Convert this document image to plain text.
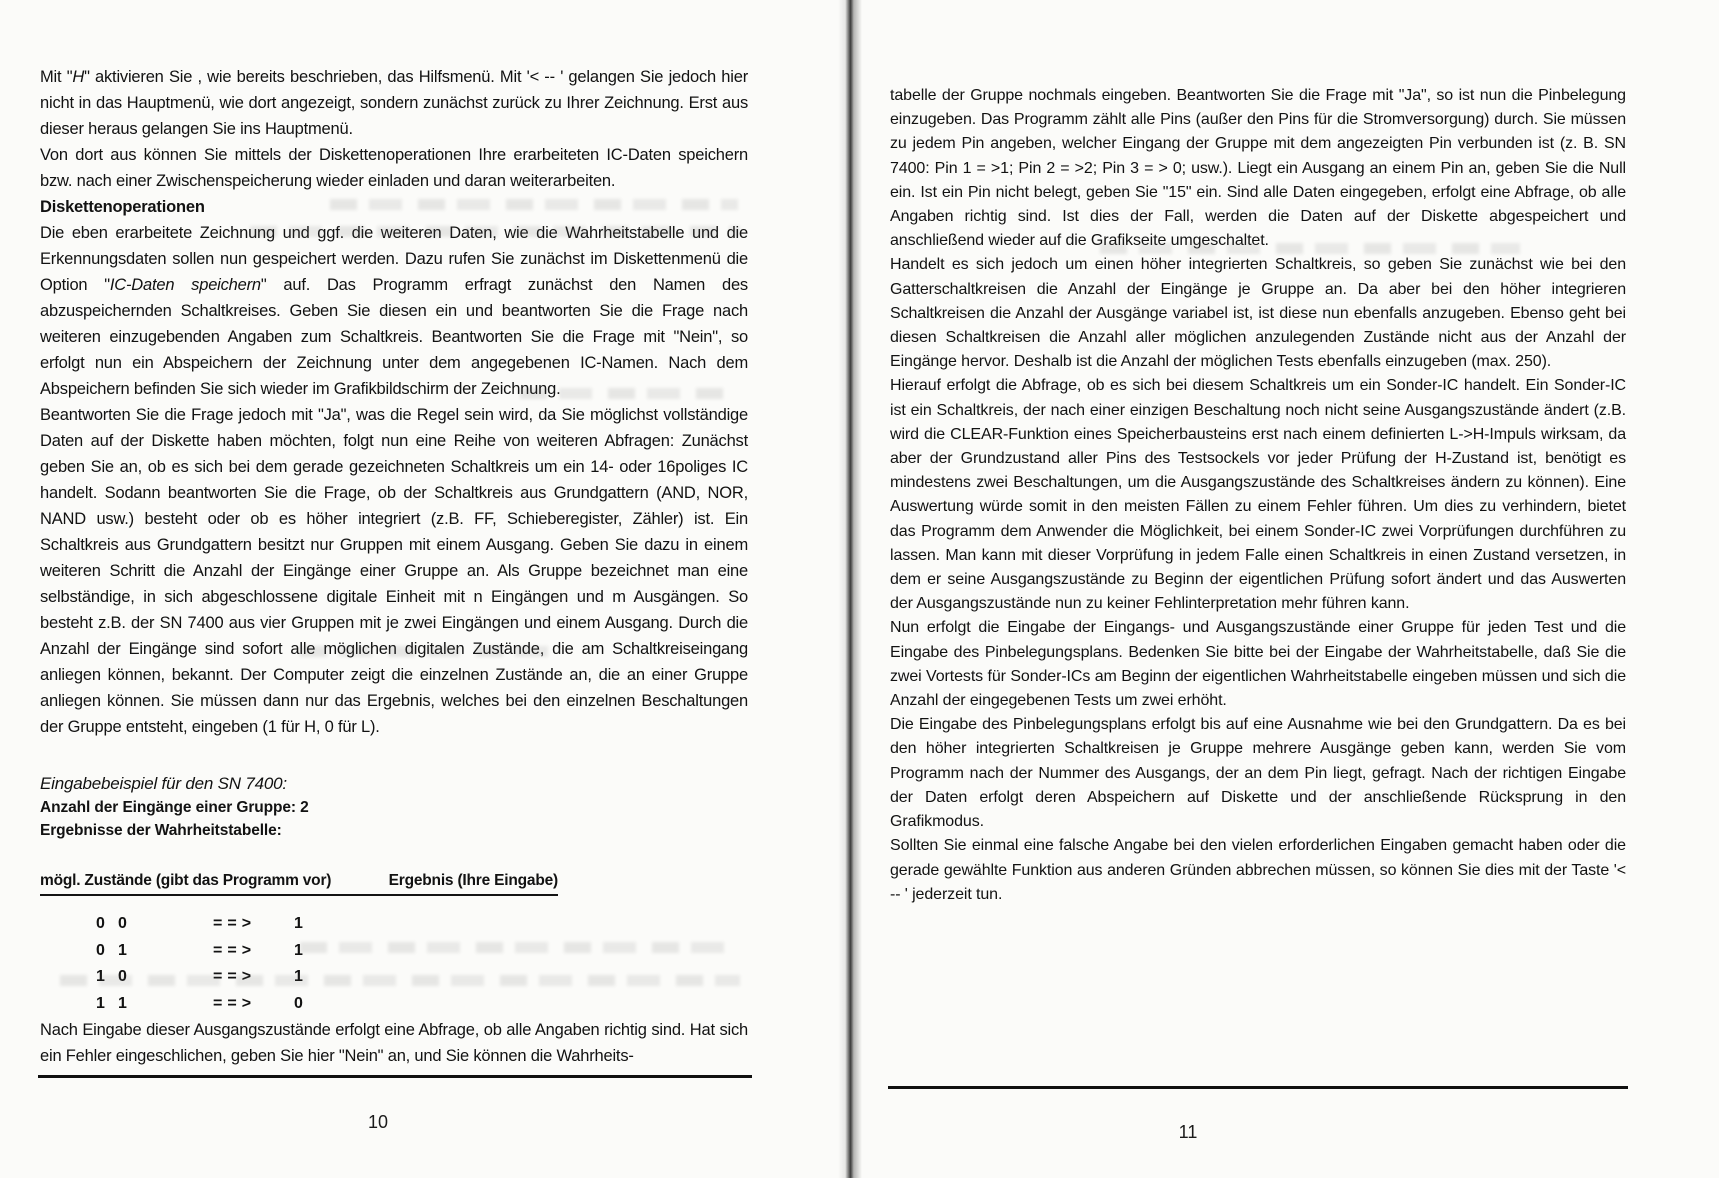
Mit "H" aktivieren Sie , wie bereits beschrieben, das Hilfsmenü. Mit '< -- ' gelangen Sie jedoch hier nicht in das Hauptmenü, wie dort angezeigt, sondern zunächst zurück zu Ihrer Zeichnung. Erst aus dieser heraus gelangen Sie ins Hauptmenü.

Von dort aus können Sie mittels der Diskettenoperationen Ihre erarbeiteten IC-Daten speichern bzw. nach einer Zwischenspeicherung wieder einladen und daran weiterarbeiten.

Diskettenoperationen

Die eben erarbeitete Zeichnung und ggf. die weiteren Daten, wie die Wahrheitstabelle und die Erkennungsdaten sollen nun gespeichert werden. Dazu rufen Sie zunächst im Diskettenmenü die Option "IC-Daten speichern" auf. Das Programm erfragt zunächst den Namen des abzuspeichernden Schaltkreises. Geben Sie diesen ein und beantworten Sie die Frage nach weiteren einzugebenden Angaben zum Schaltkreis. Beantworten Sie die Frage mit "Nein", so erfolgt nun ein Abspeichern der Zeichnung unter dem angegebenen IC-Namen. Nach dem Abspeichern befinden Sie sich wieder im Grafikbildschirm der Zeichnung.

Beantworten Sie die Frage jedoch mit "Ja", was die Regel sein wird, da Sie möglichst vollständige Daten auf der Diskette haben möchten, folgt nun eine Reihe von weiteren Abfragen: Zunächst geben Sie an, ob es sich bei dem gerade gezeichneten Schaltkreis um ein 14- oder 16poliges IC handelt. Sodann beantworten Sie die Frage, ob der Schaltkreis aus Grundgattern (AND, NOR, NAND usw.) besteht oder ob es höher integriert (z.B. FF, Schieberegister, Zähler) ist. Ein Schaltkreis aus Grundgattern besitzt nur Gruppen mit einem Ausgang. Geben Sie dazu in einem weiteren Schritt die Anzahl der Eingänge einer Gruppe an. Als Gruppe bezeichnet man eine selbständige, in sich abgeschlossene digitale Einheit mit n Eingängen und m Ausgängen. So besteht z.B. der SN 7400 aus vier Gruppen mit je zwei Eingängen und einem Ausgang. Durch die Anzahl der Eingänge sind sofort alle möglichen digitalen Zustände, die am Schaltkreiseingang anliegen können, bekannt. Der Computer zeigt die einzelnen Zustände an, die an einer Gruppe anliegen können. Sie müssen dann nur das Ergebnis, welches bei den einzelnen Beschaltungen der Gruppe entsteht, eingeben (1 für H, 0 für L).

Eingabebeispiel für den SN 7400:
Anzahl der Eingänge einer Gruppe: 2
Ergebnisse der Wahrheitstabelle:
mögl. Zustände (gibt das Programm vor)	Ergebnis (Ihre Eingabe)
0 0	= = >	1
0 1	= = >	1
1 0	= = >	1
1 1	= = >	0

Nach Eingabe dieser Ausgangszustände erfolgt eine Abfrage, ob alle Angaben richtig sind. Hat sich ein Fehler eingeschlichen, geben Sie hier "Nein" an, und Sie können die Wahrheits-

tabelle der Gruppe nochmals eingeben. Beantworten Sie die Frage mit "Ja", so ist nun die Pinbelegung einzugeben. Das Programm zählt alle Pins (außer den Pins für die Stromversorgung) durch. Sie müssen zu jedem Pin angeben, welcher Eingang der Gruppe mit dem angezeigten Pin verbunden ist (z. B. SN 7400: Pin 1 = >1; Pin 2 = >2; Pin 3 = > 0; usw.). Liegt ein Ausgang an einem Pin an, geben Sie die Null ein. Ist ein Pin nicht belegt, geben Sie "15" ein. Sind alle Daten eingegeben, erfolgt eine Abfrage, ob alle Angaben richtig sind. Ist dies der Fall, werden die Daten auf der Diskette abgespeichert und anschließend wieder auf die Grafikseite umgeschaltet.

Handelt es sich jedoch um einen höher integrierten Schaltkreis, so geben Sie zunächst wie bei den Gatterschaltkreisen die Anzahl der Eingänge je Gruppe an. Da aber bei den höher integrieren Schaltkreisen die Anzahl der Ausgänge variabel ist, ist diese nun ebenfalls anzugeben. Ebenso geht bei diesen Schaltkreisen die Anzahl aller möglichen anzulegenden Zustände nicht aus der Anzahl der Eingänge hervor. Deshalb ist die Anzahl der möglichen Tests ebenfalls einzugeben (max. 250).

Hierauf erfolgt die Abfrage, ob es sich bei diesem Schaltkreis um ein Sonder-IC handelt. Ein Sonder-IC ist ein Schaltkreis, der nach einer einzigen Beschaltung noch nicht seine Ausgangszustände ändert (z.B. wird die CLEAR-Funktion eines Speicherbausteins erst nach einem definierten L->H-Impuls wirksam, da aber der Grundzustand aller Pins des Testsockels vor jeder Prüfung der H-Zustand ist, benötigt es mindestens zwei Beschaltungen, um die Ausgangszustände des Schaltkreises ändern zu können). Eine Auswertung würde somit in den meisten Fällen zu einem Fehler führen. Um dies zu verhindern, bietet das Programm dem Anwender die Möglichkeit, bei einem Sonder-IC zwei Vorprüfungen durchführen zu lassen. Man kann mit dieser Vorprüfung in jedem Falle einen Schaltkreis in einen Zustand versetzen, in dem er seine Ausgangszustände zu Beginn der eigentlichen Prüfung sofort ändert und das Auswerten der Ausgangszustände nun zu keiner Fehlinterpretation mehr führen kann.

Nun erfolgt die Eingabe der Eingangs- und Ausgangszustände einer Gruppe für jeden Test und die Eingabe des Pinbelegungsplans. Bedenken Sie bitte bei der Eingabe der Wahrheitstabelle, daß Sie die zwei Vortests für Sonder-ICs am Beginn der eigentlichen Wahrheitstabelle eingeben müssen und sich die Anzahl der eingegebenen Tests um zwei erhöht.

Die Eingabe des Pinbelegungsplans erfolgt bis auf eine Ausnahme wie bei den Grundgattern. Da es bei den höher integrierten Schaltkreisen je Gruppe mehrere Ausgänge geben kann, werden Sie vom Programm nach der Nummer des Ausgangs, der an dem Pin liegt, gefragt. Nach der richtigen Eingabe der Daten erfolgt deren Abspeichern auf Diskette und der anschließende Rücksprung in den Grafikmodus.

Sollten Sie einmal eine falsche Angabe bei den vielen erforderlichen Eingaben gemacht haben oder die gerade gewählte Funktion aus anderen Gründen abbrechen müssen, so können Sie dies mit der Taste '< -- ' jederzeit tun.

10	11
